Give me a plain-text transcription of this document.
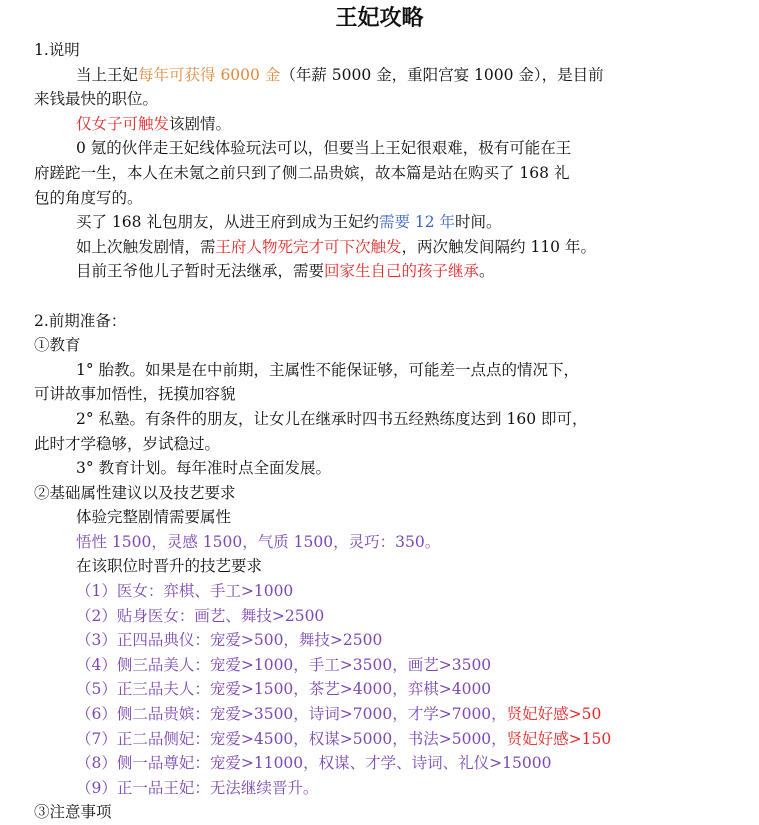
王妃攻略
1.说明
当上王妃每年可获得 6000 金（年薪 5000 金，重阳宫宴 1000 金），是目前
来钱最快的职位。
仅女子可触发该剧情。
0 氪的伙伴走王妃线体验玩法可以，但要当上王妃很艰难，极有可能在王
府蹉跎一生，本人在未氪之前只到了侧二品贵嫔，故本篇是站在购买了 168 礼
包的角度写的。
买了 168 礼包朋友，从进王府到成为王妃约需要 12 年时间。
如上次触发剧情，需王府人物死完才可下次触发，两次触发间隔约 110 年。
目前王爷他儿子暂时无法继承，需要回家生自己的孩子继承。
2.前期准备：
①教育
1° 胎教。如果是在中前期，主属性不能保证够，可能差一点点的情况下，
可讲故事加悟性，抚摸加容貌
2° 私塾。有条件的朋友，让女儿在继承时四书五经熟练度达到 160 即可，
此时才学稳够，岁试稳过。
3° 教育计划。每年准时点全面发展。
②基础属性建议以及技艺要求
体验完整剧情需要属性
悟性 1500，灵感 1500，气质 1500，灵巧：350。
在该职位时晋升的技艺要求
（1）医女：弈棋、手工>1000
（2）贴身医女：画艺、舞技>2500
（3）正四品典仪：宠爱>500，舞技>2500
（4）侧三品美人：宠爱>1000，手工>3500，画艺>3500
（5）正三品夫人：宠爱>1500，茶艺>4000，弈棋>4000
（6）侧二品贵嫔：宠爱>3500，诗词>7000，才学>7000，贤妃好感>50
（7）正二品侧妃：宠爱>4500，权谋>5000，书法>5000，贤妃好感>150
（8）侧一品尊妃：宠爱>11000，权谋、才学、诗词、礼仪>15000
（9）正一品王妃：无法继续晋升。
③注意事项
